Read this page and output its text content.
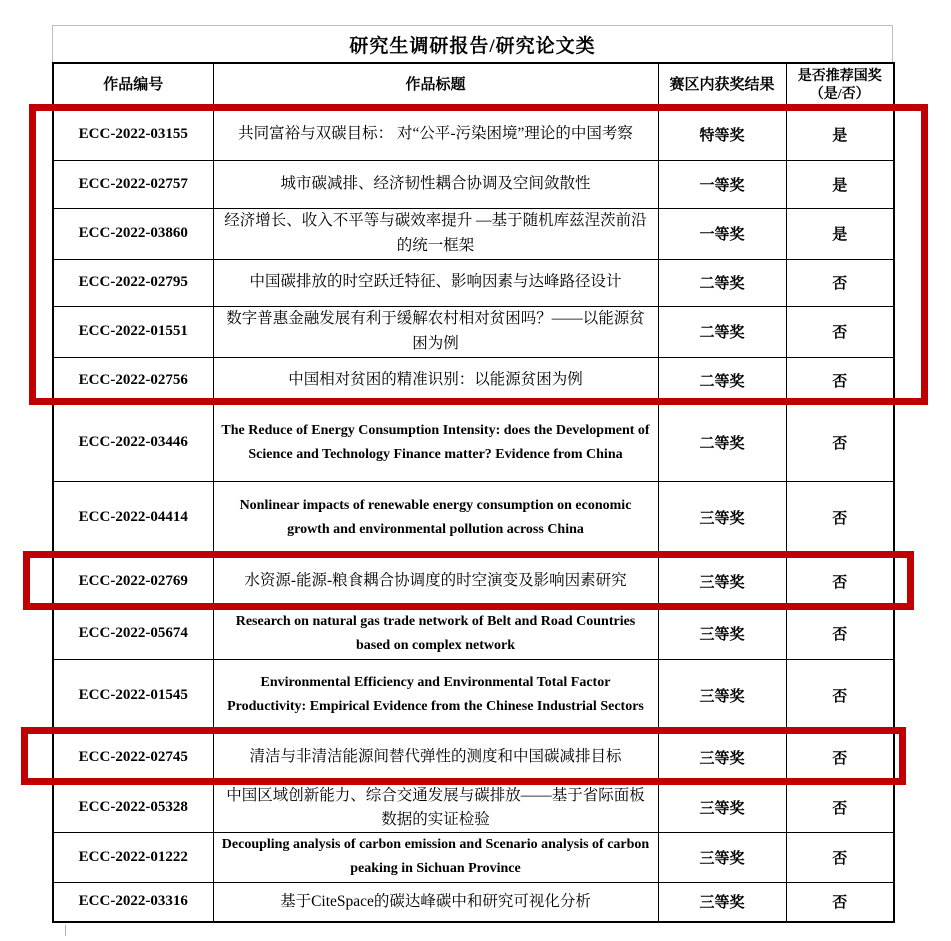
研究生调研报告/研究论文类
作品编号	作品标题	赛区内获奖结果	是否推荐国奖（是/否）
ECC-2022-03155	共同富裕与双碳目标： 对“公平-污染困境”理论的中国考察	特等奖	是
ECC-2022-02757	城市碳减排、经济韧性耦合协调及空间敛散性	一等奖	是
ECC-2022-03860	经济增长、收入不平等与碳效率提升 —基于随机库兹涅茨前沿的统一框架	一等奖	是
ECC-2022-02795	中国碳排放的时空跃迁特征、影响因素与达峰路径设计	二等奖	否
ECC-2022-01551	数字普惠金融发展有利于缓解农村相对贫困吗？——以能源贫困为例	二等奖	否
ECC-2022-02756	中国相对贫困的精准识别：以能源贫困为例	二等奖	否
ECC-2022-03446	The Reduce of Energy Consumption Intensity: does the Development of Science and Technology Finance matter? Evidence from China	二等奖	否
ECC-2022-04414	Nonlinear impacts of renewable energy consumption on economic growth and environmental pollution across China	三等奖	否
ECC-2022-02769	水资源-能源-粮食耦合协调度的时空演变及影响因素研究	三等奖	否
ECC-2022-05674	Research on natural gas trade network of Belt and Road Countries based on complex network	三等奖	否
ECC-2022-01545	Environmental Efficiency and Environmental Total Factor Productivity: Empirical Evidence from the Chinese Industrial Sectors	三等奖	否
ECC-2022-02745	清洁与非清洁能源间替代弹性的测度和中国碳减排目标	三等奖	否
ECC-2022-05328	中国区域创新能力、综合交通发展与碳排放——基于省际面板数据的实证检验	三等奖	否
ECC-2022-01222	Decoupling analysis of carbon emission and Scenario analysis of carbon peaking in Sichuan Province	三等奖	否
ECC-2022-03316	基于CiteSpace的碳达峰碳中和研究可视化分析	三等奖	否
